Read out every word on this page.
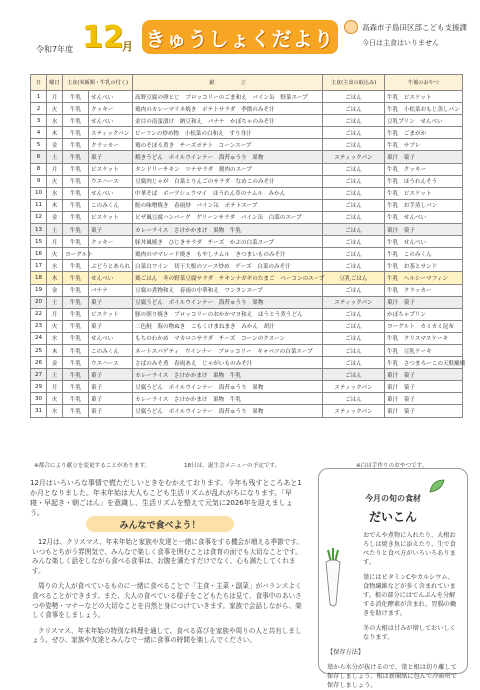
令和7年度 12
月 きゅうしょくだより	高森市子島田区部こども支援課
今日は主食はいりません
日	曜日	主食(米飯類・牛乳の付く)		献　　　　　 立	主食(主食の取込み)	牛後のおやつ
1	月	牛乳	せんべい	高野豆腐の卵とじ　ブロッコリーのごま和え　バイン缶　野菜スープ	ごはん	牛乳　ビスケット
2	火	牛乳	クッキー	鶏肉のカレーマリネ焼き　ポテトサラダ　季節のみそ汁	ごはん	牛乳　小松菜おもじ蒸しパン
3	水	牛乳	せんべい	金目の南蛮漬け　納豆和え　バナナ　かぼちゃのみそ汁	ごはん	豆乳プリン　せんべい
4	木	牛乳	スティックパン	ビーフンの炒め物　小松菜の白和え　すり身汁	ごはん	牛乳　ごまがか
5	金	牛乳	クラッカー	鶏のそぼろ煮き　チーズポテト　コーンスープ	ごはん	牛乳　サブレ
6	土	牛乳	菓子	焼きうどん　ポイルウインナー　海苔ゅうり　果物	スティックパン	菓汁　菓子
8	月	牛乳	ビスケット	タンドリーチキン　ツナサラダ　醤肉のスープ	ごはん	牛乳　クッキー
9	火	牛乳	ウエハース	豆腐肉じゃが　白菜とりんごのサラダ　なめこのみそ汁	ごはん	牛乳　ほうれんそう
10	水	牛乳	せんべい	中華そば　ボーヅシュウマイ　ほうれん草のナムル　みかん	ごはん	牛乳　ビスケット
11	木	牛乳	このみくん	鮭の味噌焼き　春雨炒　バイン缶　ポテトスープ	ごはん	牛乳　お芋蒸しパン
12	金	牛乳	ビスケット	ピザ風豆腐ハンバーグ　グリーンサラダ　バイン缶　白菜のスープ	ごはん	牛乳　せんべい
13	土	牛乳	菓子	カレーライス　さけかかまけ　果物　牛乳	ごはん	菓汁　菓子
15	月	牛乳	クッキー	豚丼風焼き　ひじきサラダ　チーズ　かぶの白菜スープ	ごはん	牛乳　せんべい
16	火	ヨーグルト		鶏肉のママレード焼き　もやしナムル　きつまいものみそ汁	ごはん	牛乳　このみくん
17	水	牛乳	ぶどうとあられ	白菜白ワイン　切干大根のソース炒め　ゲーズ　白菜のみそ汁	ごはん	牛乳　お茶とサンド
18	木	牛乳	せんべい	鶏ごはん　冬の野菜豆腐サラダ　チキンナガギのたまご　ベーコンのスープ	豆乳ごはん	牛乳　ヘルシーマフィン
19	金	牛乳	バナナ	豆腐の煮物和え　春雨の中華和え　ワンタンスープ	ごはん	牛乳　クラッカー
20	土	牛乳	菓子	豆腐うどん　ボイルウインナー　海苔ゅうり　果物	スティックパン	菓汁　菓子
22	月	牛乳	ビスケット	豚の照り焼き　ブロッコリーのおかかマヨ和え　ほうとう煮うどん	ごはん	かぼちゃプリン
23	火	牛乳	菓子	二色鮭　海の物ぬき　こもくけまねまき　みかん　胡汁	ごはん	ヨーグルト　カミカミ昆布
24	水	牛乳	せんべい	もちのわかめ　マカロニサラダ　チーズ　コーンのクスーン	ごはん	牛乳　クリスマスケーキ
25	木	牛乳	このみくん	ネートスパゲティ　ウインナー　ブロッコリー　キャベツの白菜スープ	ごはん	牛乳　豆乳ケーキ
26	金	牛乳	ウエハース	さばのみそ煮　春雨あえ　じゃがいものみそ汁	ごはん	牛乳　さつまろーこの天麩羅焼
27	土	牛乳	菓子	カレーライス　さけかかまけ　果物　牛乳	ごはん	菓汁　菓子
29	月	牛乳	菓子	豆腐うどん　ポイルウインナー　海苔ゅうり　果物	スティックパン	菓汁　菓子
30	火	牛乳	菓子	カレーライス　さけかかまけ　果物　牛乳	ごはん	菓汁　菓子
31	水	牛乳	菓子	豆腐うどん　ボイルウインナー　海苔ゅうり　果物	スティックパン	菓汁　菓子
※都合により献立を変更することがあります。	18日は、誕生会メニューの予定です。	※白は手作りのおやつです。

12月はいろいろな事情で慌ただしいときをむかえております。今年も残すところあと1か月となりました。年末年始は大人もこども生活リズムが乱れがちになります。「早寝・早起き・朝ごはん」を意識し、生活リズムを整えて元気に2026年を迎えましょう。

みんなで食べよう！

12月は、クリスマス、年末年始と家族や友達と一緒に食事をする機会が増える季節です。いつもとちがう雰囲気で、みんなで楽しく食事を囲むことは食育の面でも大切なことです。みんな楽しく話をしながら食べる食事は、お腹を満たすだけでなく、心も満たしてくれます。

周りの大人が食べているものに一緒に食べることで「主食・主菜・副菜」がバランスよく食べることができます。また、大人の食べている様子をこどもたちは見て、食事中のあいさつや姿勢・マナーなどの大切なことを自然と身につけていきます。家族で会話しながら、楽しく食事をしましょう。

クリスマス、年末年始の特別な料理を通して、食べる喜びを家族や周りの人と共有しましょう。ぜひ、家族や友達とみんなで一緒に食事の時間を楽しんでください。

今月の旬の食材
だいこん

おでんや煮物に入れたり、大根おろしは焼き魚に添えたり、生で食べたりと食べ方がいろいろあります。

葉にはビタミンCやカルシウム、食物繊維などが多く含まれています。根の部分にはでんぷんを分解する消化酵素が含まれ、胃腸の働きを助けます。

冬の大根は甘みが増しておいしくなります。

【保存方法】

葉から水分が抜けるので、葉と根は切り離して保存しましょう。根は新聞紙に包んで冷暗所で保存しましょう。
